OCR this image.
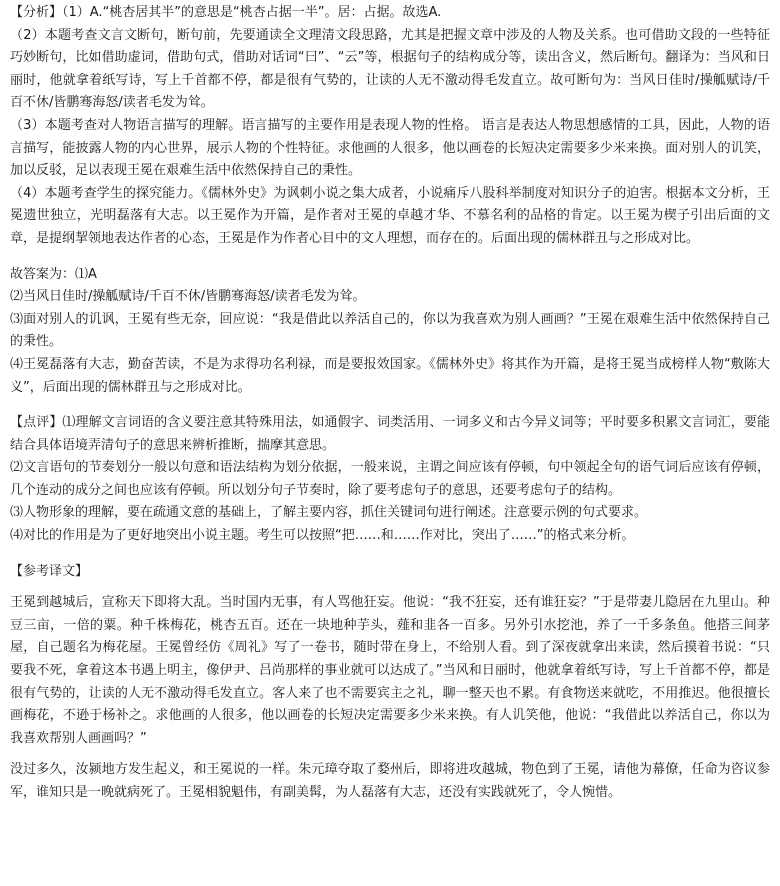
【分析】（1）A.“桃杏居其半”的意思是“桃杏占据一半”。居：占据。故选A.

（2）本题考查文言文断句，断句前，先要通读全文理清文段思路，尤其是把握文章中涉及的人物及关系。也可借助文段的一些特征巧妙断句，比如借助虚词，借助句式，借助对话词“曰”、“云”等，根据句子的结构成分等，读出含义，然后断句。翻译为：当风和日丽时，他就拿着纸写诗，写上千首都不停，都是很有气势的，让读的人无不激动得毛发直立。故可断句为：当风日佳时/操觚赋诗/千百不休/皆鹏骞海怒/读者毛发为耸。

（3）本题考查对人物语言描写的理解。语言描写的主要作用是表现人物的性格。 语言是表达人物思想感情的工具，因此，人物的语言描写，能披露人物的内心世界，展示人物的个性特征。求他画的人很多，他以画卷的长短决定需要多少米来换。面对别人的讥笑，加以反驳，足以表现王冕在艰难生活中依然保持自己的秉性。

（4）本题考查学生的探究能力。《儒林外史》为讽刺小说之集大成者，小说痛斥八股科举制度对知识分子的迫害。根据本文分析，王冕遗世独立，光明磊落有大志。以王冕作为开篇，是作者对王冕的卓越才华、不慕名利的品格的肯定。以王冕为楔子引出后面的文章，是提纲挈领地表达作者的心态，王冕是作为作者心目中的文人理想，而存在的。后面出现的儒林群丑与之形成对比。

故答案为：⑴A

⑵当风日佳时/操觚赋诗/千百不休/皆鹏骞海怒/读者毛发为耸。

⑶面对别人的讥讽，王冕有些无奈，回应说：“我是借此以养活自己的，你以为我喜欢为别人画画？”王冕在艰难生活中依然保持自己的秉性。

⑷王冕磊落有大志，勤奋苦读，不是为求得功名利禄，而是要报效国家。《儒林外史》将其作为开篇，是将王冕当成榜样人物“敷陈大义”，后面出现的儒林群丑与之形成对比。

【点评】⑴理解文言词语的含义要注意其特殊用法，如通假字、词类活用、一词多义和古今异义词等；平时要多积累文言词汇，要能结合具体语境弄清句子的意思来辨析推断，揣摩其意思。

⑵文言语句的节奏划分一般以句意和语法结构为划分依据，一般来说，主谓之间应该有停顿，句中领起全句的语气词后应该有停顿，几个连动的成分之间也应该有停顿。所以划分句子节奏时，除了要考虑句子的意思，还要考虑句子的结构。

⑶人物形象的理解，要在疏通文意的基础上，了解主要内容，抓住关键词句进行阐述。注意要示例的句式要求。

⑷对比的作用是为了更好地突出小说主题。考生可以按照“把……和……作对比，突出了……”的格式来分析。

【参考译文】

王冕到越城后，宣称天下即将大乱。当时国内无事，有人骂他狂妄。他说：“我不狂妄，还有谁狂妄？”于是带妻儿隐居在九里山。种豆三亩，一倍的粟。种千株梅花，桃杏五百。还在一块地种芋头，薤和韭各一百多。另外引水挖池，养了一千多条鱼。他搭三间茅屋，自己题名为梅花屋。王冕曾经仿《周礼》写了一卷书，随时带在身上，不给别人看。到了深夜就拿出来读，然后摸着书说：“只要我不死，拿着这本书遇上明主，像伊尹、吕尚那样的事业就可以达成了。”当风和日丽时，他就拿着纸写诗，写上千首都不停，都是很有气势的，让读的人无不激动得毛发直立。客人来了也不需要宾主之礼，聊一整天也不累。有食物送来就吃，不用推迟。他很擅长画梅花，不逊于杨补之。求他画的人很多，他以画卷的长短决定需要多少米来换。有人讥笑他，他说：“我借此以养活自己，你以为我喜欢帮别人画画吗？”

没过多久，汝颍地方发生起义，和王冕说的一样。朱元璋夺取了婺州后，即将进攻越城，物色到了王冕，请他为幕僚，任命为咨议参军，谁知只是一晚就病死了。王冕相貌魁伟，有副美髯，为人磊落有大志，还没有实践就死了，令人惋惜。
